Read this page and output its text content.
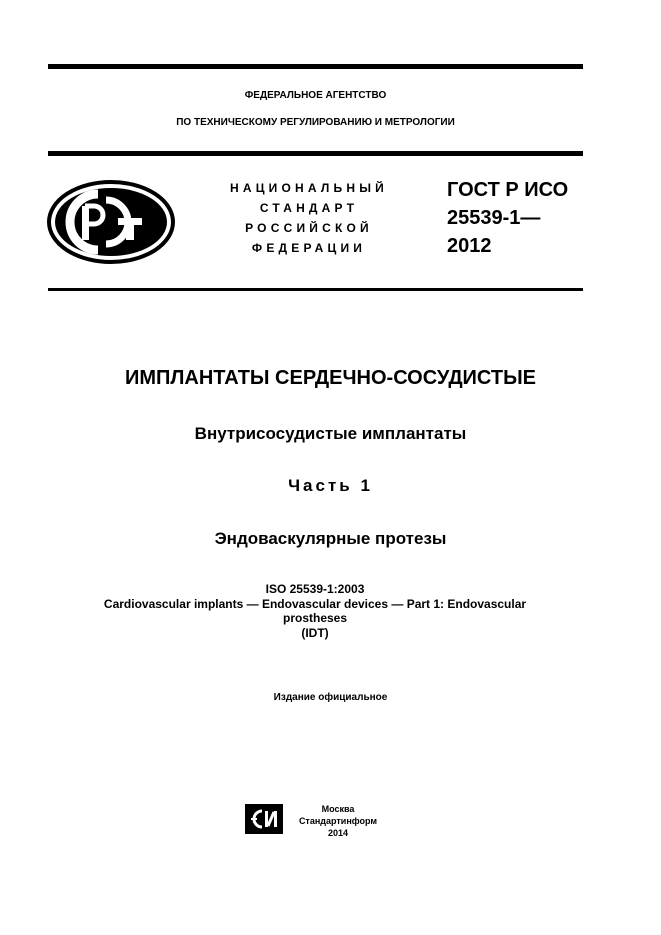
ФЕДЕРАЛЬНОЕ АГЕНТСТВО
ПО ТЕХНИЧЕСКОМУ РЕГУЛИРОВАНИЮ И МЕТРОЛОГИИ
НАЦИОНАЛЬНЫЙ
СТАНДАРТ
РОССИЙСКОЙ
ФЕДЕРАЦИИ
ГОСТ Р ИСО
25539-1—
2012
ИМПЛАНТАТЫ СЕРДЕЧНО-СОСУДИСТЫЕ
Внутрисосудистые имплантаты
Часть 1
Эндоваскулярные протезы
ISO 25539-1:2003
Cardiovascular implants — Endovascular devices — Part 1: Endovascular
prostheses
(IDT)
Издание официальное
Москва
Стандартинформ
2014
